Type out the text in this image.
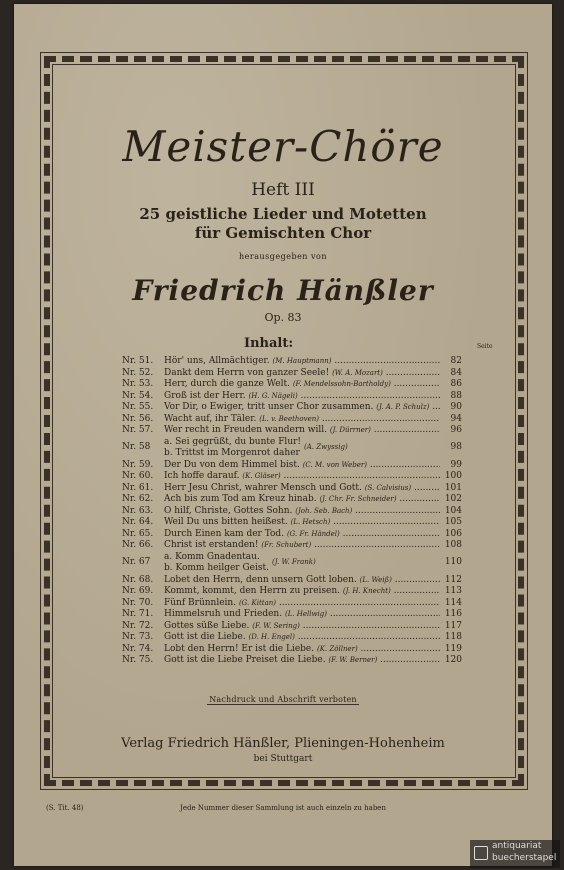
Meister-Chöre
Heft III
25 geistliche Lieder und Motetten
für Gemischten Chor
herausgegeben von
Friedrich Hänßler
Op. 83
Inhalt:	Seite
Nr. 51.	Hör' uns, Allmächtiger. (M. Hauptmann) .....	82
Nr. 52.	Dankt dem Herrn von ganzer Seele! (W. A. Mozart) .....	84
Nr. 53.	Herr, durch die ganze Welt. (F. Mendelssohn-Bartholdy) .....	86
Nr. 54.	Groß ist der Herr. (H. G. Nägeli) .....	88
Nr. 55.	Vor Dir, o Ewiger, tritt unser Chor zusammen. (J. A. P. Schulz) .....	90
Nr. 56.	Wacht auf, ihr Täler. (L. v. Beethoven) .....	94
Nr. 57.	Wer recht in Freuden wandern will. (J. Dürrner) .....	96
Nr. 58	a. Sei gegrüßt, du bunte Flur!
b. Trittst im Morgenrot daher
(A. Zwyssig)	98
Nr. 59.	Der Du von dem Himmel bist. (C. M. von Weber) .....	99
Nr. 60.	Ich hoffe darauf. (K. Gläser) .....	100
Nr. 61.	Herr Jesu Christ, wahrer Mensch und Gott. (S. Calvisius) .....	101
Nr. 62.	Ach bis zum Tod am Kreuz hinab. (J. Chr. Fr. Schneider) .....	102
Nr. 63.	O hilf, Christe, Gottes Sohn. (Joh. Seb. Bach) .....	104
Nr. 64.	Weil Du uns bitten heißest. (L. Hetsch) .....	105
Nr. 65.	Durch Einen kam der Tod. (G. Fr. Händel) .....	106
Nr. 66.	Christ ist erstanden! (Fr. Schubert) .....	108
Nr. 67	a. Komm Gnadentau.
b. Komm heilger Geist.
(J. W. Frank)	110
Nr. 68.	Lobet den Herrn, denn unsern Gott loben. (L. Weiß) .....	112
Nr. 69.	Kommt, kommt, den Herrn zu preisen. (J. H. Knecht) .....	113
Nr. 70.	Fünf Brünnlein. (G. Kittan) .....	114
Nr. 71.	Himmelsruh und Frieden. (L. Hellwig) .....	116
Nr. 72.	Gottes süße Liebe. (F. W. Sering) .....	117
Nr. 73.	Gott ist die Liebe. (D. H. Engel) .....	118
Nr. 74.	Lobt den Herrn! Er ist die Liebe. (K. Zöllner) .....	119
Nr. 75.	Gott ist die Liebe Preiset die Liebe. (F. W. Berner) .....	120
Nachdruck und Abschrift verboten
Verlag Friedrich Hänßler, Plieningen-Hohenheim
bei Stuttgart
(S. Tit. 48)	Jede Nummer dieser Sammlung ist auch einzeln zu haben
antiquariat
buecherstapel
